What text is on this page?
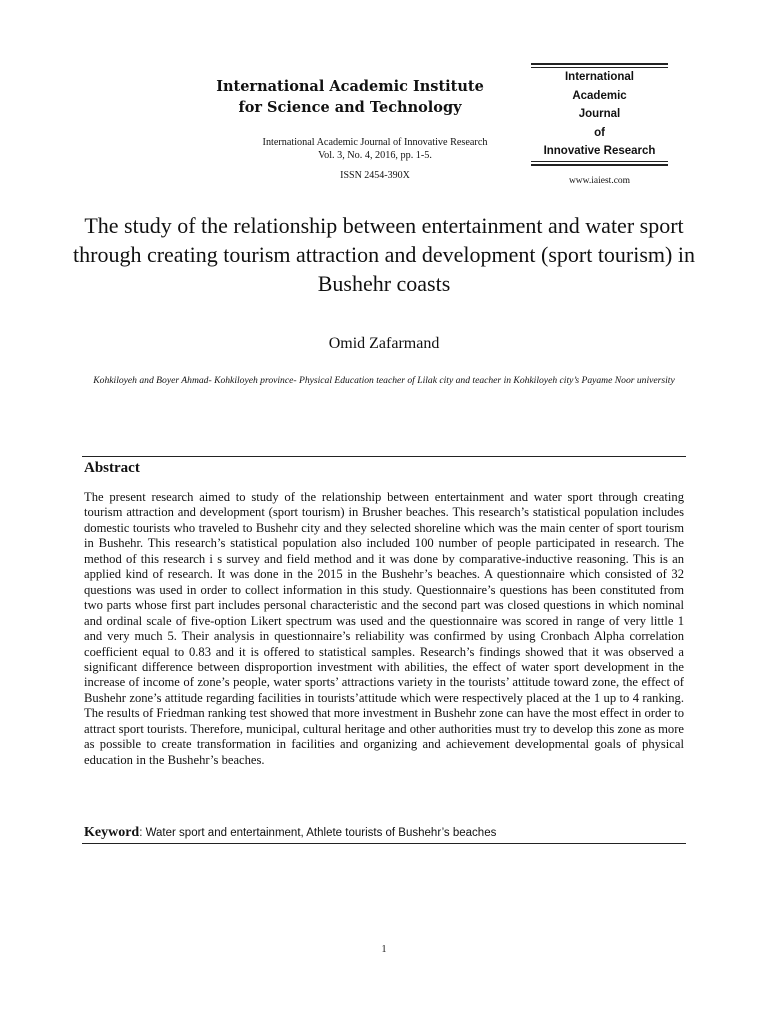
International Academic Institute
for Science and Technology
International Academic Journal of Innovative Research
Vol. 3, No. 4, 2016, pp. 1-5.
ISSN 2454-390X
International
Academic
Journal
of
Innovative Research
www.iaiest.com
The study of the relationship between entertainment and water sport through creating tourism attraction and development (sport tourism) in Bushehr coasts
Omid Zafarmand
Kohkiloyeh and Boyer Ahmad- Kohkiloyeh province- Physical Education teacher of Lilak city and teacher in Kohkiloyeh city’s Payame Noor university
Abstract

The present research aimed to study of the relationship between entertainment and water sport through creating tourism attraction and development (sport tourism) in Brusher beaches. This research’s statistical population includes domestic tourists who traveled to Bushehr city and they selected shoreline which was the main center of sport tourism in Bushehr. This research’s statistical population also included 100 number of people participated in research. The method of this research i s survey and field method and it was done by comparative-inductive reasoning. This is an applied kind of research. It was done in the 2015 in the Bushehr’s beaches. A questionnaire which consisted of 32 questions was used in order to collect information in this study. Questionnaire’s questions has been constituted from two parts whose first part includes personal characteristic and the second part was closed questions in which nominal and ordinal scale of five-option Likert spectrum was used and the questionnaire was scored in range of very little 1 and very much 5. Their analysis in questionnaire’s reliability was confirmed by using Cronbach Alpha correlation coefficient equal to 0.83 and it is offered to statistical samples. Research’s findings showed that it was observed a significant difference between disproportion investment with abilities, the effect of water sport development in the increase of income of zone’s people, water sports’ attractions variety in the tourists’ attitude toward zone, the effect of Bushehr zone’s attitude regarding facilities in tourists’attitude which were respectively placed at the 1 up to 4 ranking. The results of Friedman ranking test showed that more investment in Bushehr zone can have the most effect in order to attract sport tourists. Therefore, municipal, cultural heritage and other authorities must try to develop this zone as more as possible to create transformation in facilities and organizing and achievement developmental goals of physical education in the Bushehr’s beaches.

Keyword: Water sport and entertainment, Athlete tourists of Bushehr’s beaches
1
